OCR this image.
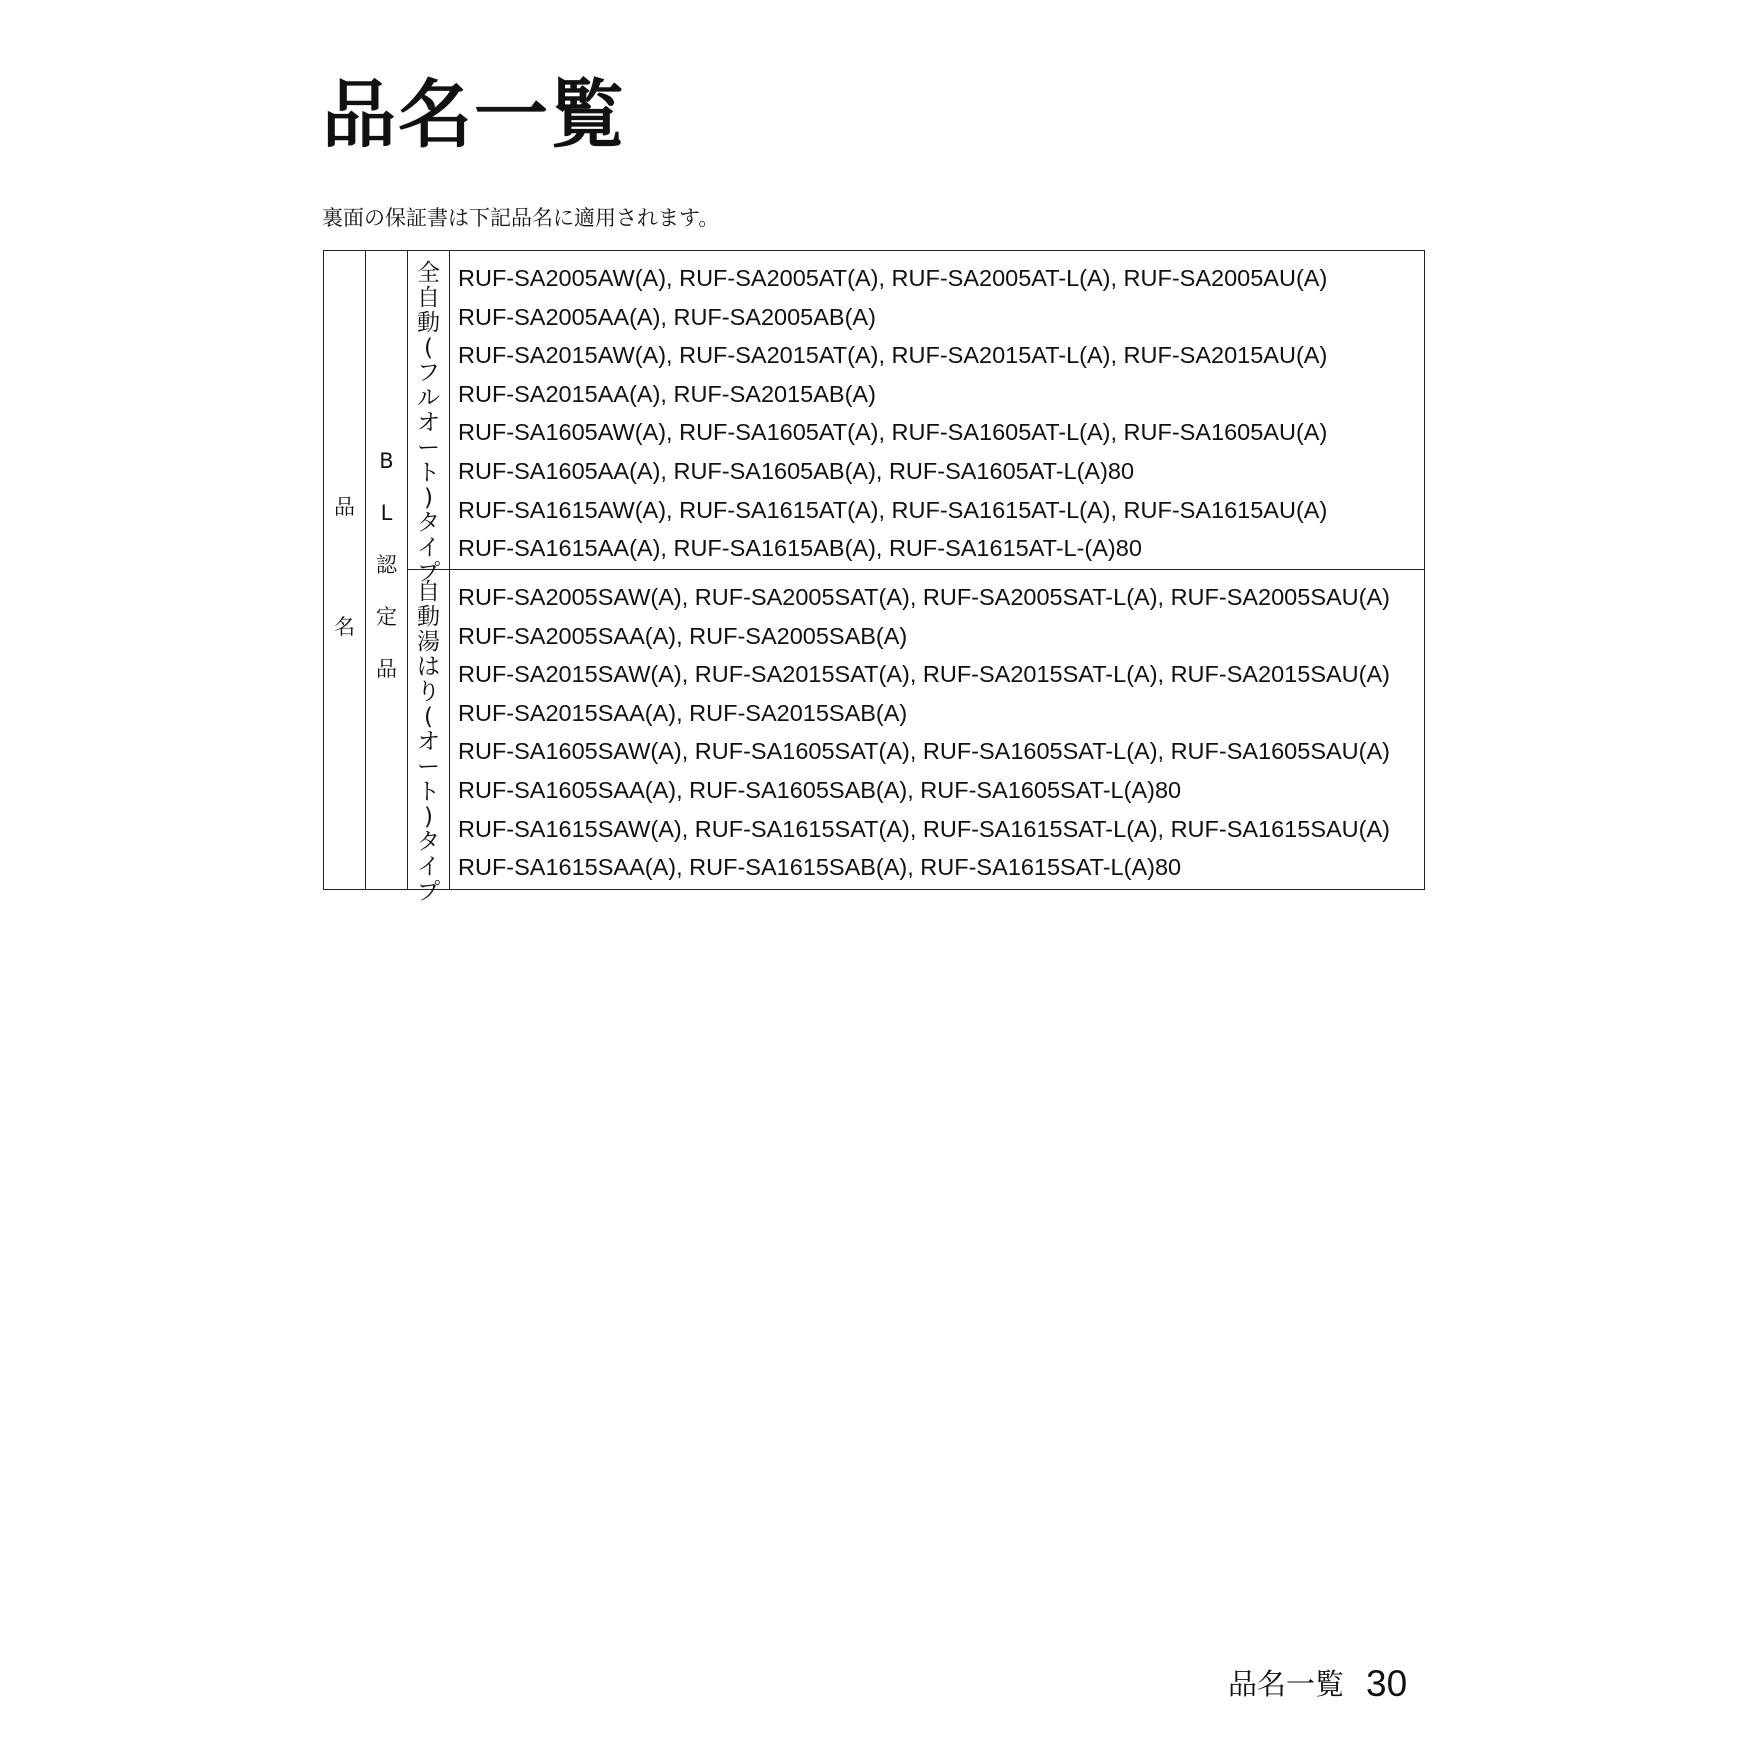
品名一覧
裏面の保証書は下記品名に適用されます。
品
名
B
L
認
定
品
全
自
動
(
フ
ル
オ
ー
ト
)
タ
イ
プ
RUF-SA2005AW(A), RUF-SA2005AT(A), RUF-SA2005AT-L(A), RUF-SA2005AU(A)
RUF-SA2005AA(A), RUF-SA2005AB(A)
RUF-SA2015AW(A), RUF-SA2015AT(A), RUF-SA2015AT-L(A), RUF-SA2015AU(A)
RUF-SA2015AA(A), RUF-SA2015AB(A)
RUF-SA1605AW(A), RUF-SA1605AT(A), RUF-SA1605AT-L(A), RUF-SA1605AU(A)
RUF-SA1605AA(A), RUF-SA1605AB(A), RUF-SA1605AT-L(A)80
RUF-SA1615AW(A), RUF-SA1615AT(A), RUF-SA1615AT-L(A), RUF-SA1615AU(A)
RUF-SA1615AA(A), RUF-SA1615AB(A), RUF-SA1615AT-L-(A)80
自
動
湯
は
り
(
オ
ー
ト
)
タ
イ
プ
RUF-SA2005SAW(A), RUF-SA2005SAT(A), RUF-SA2005SAT-L(A), RUF-SA2005SAU(A)
RUF-SA2005SAA(A), RUF-SA2005SAB(A)
RUF-SA2015SAW(A), RUF-SA2015SAT(A), RUF-SA2015SAT-L(A), RUF-SA2015SAU(A)
RUF-SA2015SAA(A), RUF-SA2015SAB(A)
RUF-SA1605SAW(A), RUF-SA1605SAT(A), RUF-SA1605SAT-L(A), RUF-SA1605SAU(A)
RUF-SA1605SAA(A), RUF-SA1605SAB(A), RUF-SA1605SAT-L(A)80
RUF-SA1615SAW(A), RUF-SA1615SAT(A), RUF-SA1615SAT-L(A), RUF-SA1615SAU(A)
RUF-SA1615SAA(A), RUF-SA1615SAB(A), RUF-SA1615SAT-L(A)80
品名一覧 30
